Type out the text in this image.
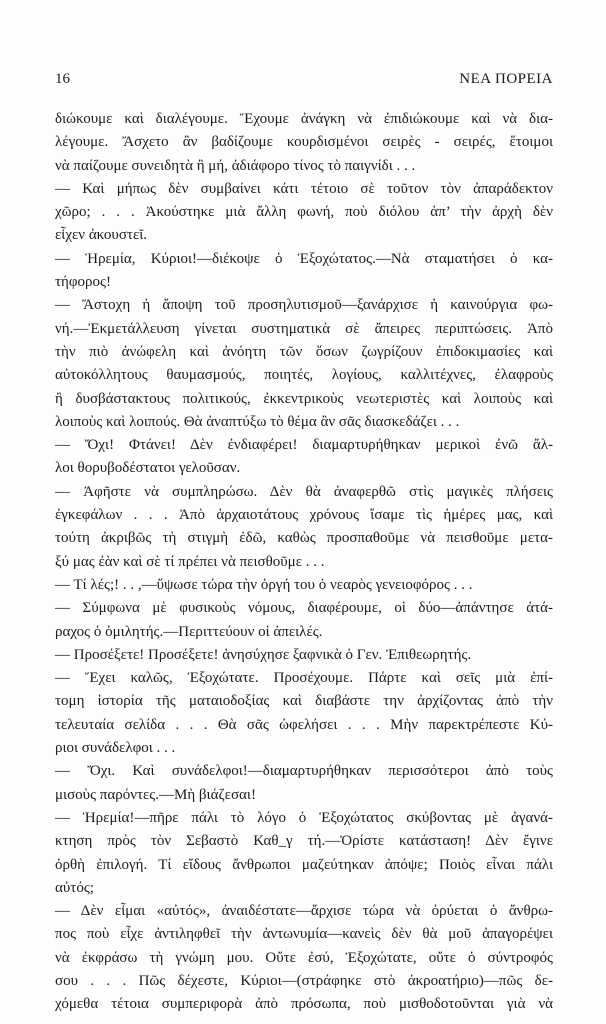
16	ΝΕΑ ΠΟΡΕΙΑ
διώκουμε καὶ διαλέγουμε. Ἔχουμε ἀνάγκη νὰ ἐπιδιώκουμε καὶ νὰ δια-
λέγουμε. Ἄσχετο ἂν βαδίζουμε κουρδισμένοι σειρὲς - σειρές, ἕτοιμοι
νὰ παίζουμε συνειδητὰ ἢ μή, ἀδιάφορο τίνος τὸ παιγνίδι . . .
— Καὶ μήπως δὲν συμβαίνει κάτι τέτοιο σὲ τοῦτον τὸν ἀπαράδεκτον
χῶρο; . . . Ἀκούστηκε μιὰ ἄλλη φωνή, ποὺ διόλου ἀπ’ τὴν ἀρχὴ δὲν
εἶχεν ἀκουστεῖ.
— Ἡρεμία, Κύριοι!—διέκοψε ὁ Ἐξοχώτατος.—Νὰ σταματήσει ὁ κα-
τήφορος!
— Ἄστοχη ἡ ἄποψη τοῦ προσηλυτισμοῦ—ξανάρχισε ἡ καινούργια φω-
νή.—Ἐκμετάλλευση γίνεται συστηματικὰ σὲ ἄπειρες περιπτώσεις. Ἀπὸ
τὴν πιὸ ἀνώφελη καὶ ἀνόητη τῶν ὅσων ζωγρίζουν ἐπιδοκιμασίες καὶ
αὐτοκόλλητους θαυμασμούς, ποιητές, λογίους, καλλιτέχνες, ἐλαφροὺς
ἢ δυσβάστακτους πολιτικούς, ἐκκεντρικοὺς νεωτεριστὲς καὶ λοιποὺς καὶ
λοιποὺς καὶ λοιπούς. Θὰ ἀναπτύξω τὸ θέμα ἂν σᾶς διασκεδάζει . . .
— Ὄχι! Φτάνει! Δὲν ἐνδιαφέρει! διαμαρτυρήθηκαν μερικοὶ ἐνῶ ἄλ-
λοι θορυβοδέστατοι γελοῦσαν.
— Ἀφῆστε νὰ συμπληρώσω. Δὲν θὰ ἀναφερθῶ στὶς μαγικὲς πλήσεις
ἐγκεφάλων . . . Ἀπὸ ἀρχαιοτάτους χρόνους ἴσαμε τὶς ἡμέρες μας, καὶ
τούτη ἀκριβῶς τὴ στιγμὴ ἐδῶ, καθὼς προσπαθοῦμε νὰ πεισθοῦμε μετα-
ξύ μας ἐὰν καὶ σὲ τί πρέπει νὰ πεισθοῦμε . . .
— Τί λές;! . . ,—ὕψωσε τώρα τὴν ὀργή του ὁ νεαρὸς γενειοφόρος . . .
— Σύμφωνα μὲ φυσικοὺς νόμους, διαφέρουμε, οἱ δύο—ἀπάντησε ἀτά-
ραχος ὁ ὁμιλητής.—Περιττεύουν οἱ ἀπειλές.
— Προσέξετε! Προσέξετε! ἀνησύχησε ξαφνικὰ ὁ Γεν. Ἐπιθεωρητής.
— Ἔχει καλῶς, Ἐξοχώτατε. Προσέχουμε. Πάρτε καὶ σεῖς μιὰ ἐπί-
τομη ἱστορία τῆς ματαιοδοξίας καὶ διαβάστε την ἀρχίζοντας ἀπὸ τὴν
τελευταία σελίδα . . . Θὰ σᾶς ὠφελήσει . . . Μὴν παρεκτρέπεστε Κύ-
ριοι συνάδελφοι . . .
— Ὄχι. Καὶ συνάδελφοι!—διαμαρτυρήθηκαν περισσότεροι ἀπὸ τοὺς
μισοὺς παρόντες.—Μὴ βιάζεσαι!
— Ἡρεμία!—πῆρε πάλι τὸ λόγο ὁ Ἐξοχώτατος σκύβοντας μὲ ἀγανά-
κτηση πρὸς τὸν Σεβαστὸ Καθ_γ τή.—Ὁρίστε κατάσταση! Δὲν ἔγινε
ὀρθὴ ἐπιλογή. Τί εἴδους ἄνθρωποι μαζεύτηκαν ἀπόψε; Ποιὸς εἶναι πάλι
αὐτός;
— Δὲν εἶμαι «αὐτός», ἀναιδέστατε—ἄρχισε τώρα νὰ ὀρύεται ὁ ἄνθρω-
πος ποὺ εἶχε ἀντιληφθεῖ τὴν ἀντωνυμία—κανεὶς δὲν θὰ μοῦ ἀπαγορέψει
νὰ ἐκφράσω τὴ γνώμη μου. Οὔτε ἐσύ, Ἐξοχώτατε, οὔτε ὁ σύντροφός
σου . . . Πῶς δέχεστε, Κύριοι—(στράφηκε στὸ ἀκροατήριο)—πῶς δε-
χόμεθα τέτοια συμπεριφορὰ ἀπὸ πρόσωπα, ποὺ μισθοδοτοῦνται γιὰ νὰ
